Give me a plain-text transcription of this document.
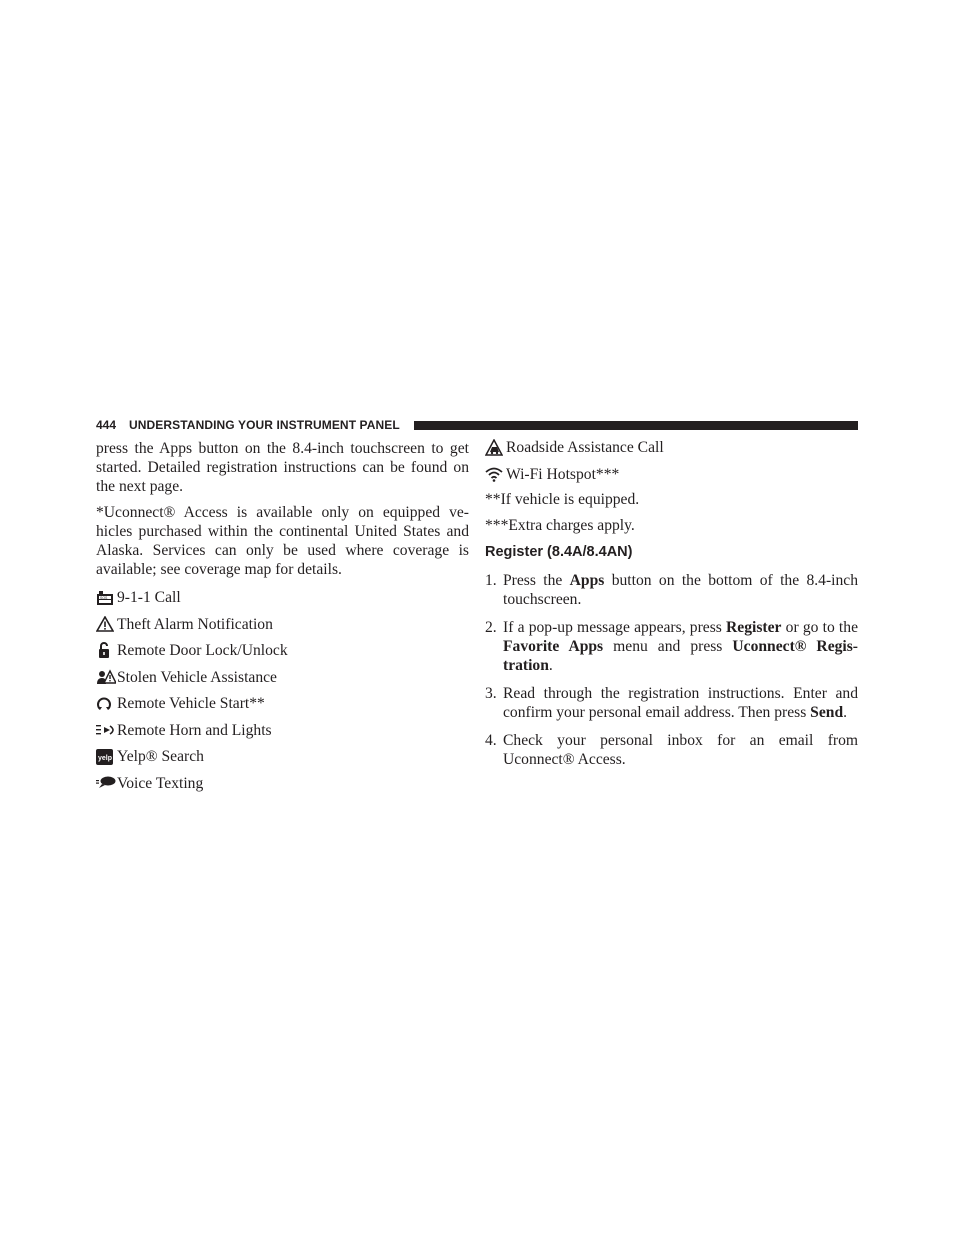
444 UNDERSTANDING YOUR INSTRUMENT PANEL

press the Apps button on the 8.4-inch touchscreen to get started. Detailed registration instructions can be found on the next page.

*Uconnect® Access is available only on equipped ve-hicles purchased within the continental United States and Alaska. Services can only be used where coverage is available; see coverage map for details.

SOS 9-1-1 Call
Theft Alarm Notification
Remote Door Lock/Unlock
Stolen Vehicle Assistance
Remote Vehicle Start**
Remote Horn and Lights
yelp Yelp® Search
Voice Texting
Roadside Assistance Call
Wi-Fi Hotspot***

**If vehicle is equipped.

***Extra charges apply.

Register (8.4A/8.4AN)
1. Press the Apps button on the bottom of the 8.4-inch touchscreen.
2. If a pop-up message appears, press Register or go to the Favorite Apps menu and press Uconnect® Regis-tration.
3. Read through the registration instructions. Enter and confirm your personal email address. Then press Send.
4. Check your personal inbox for an email from Uconnect® Access.
